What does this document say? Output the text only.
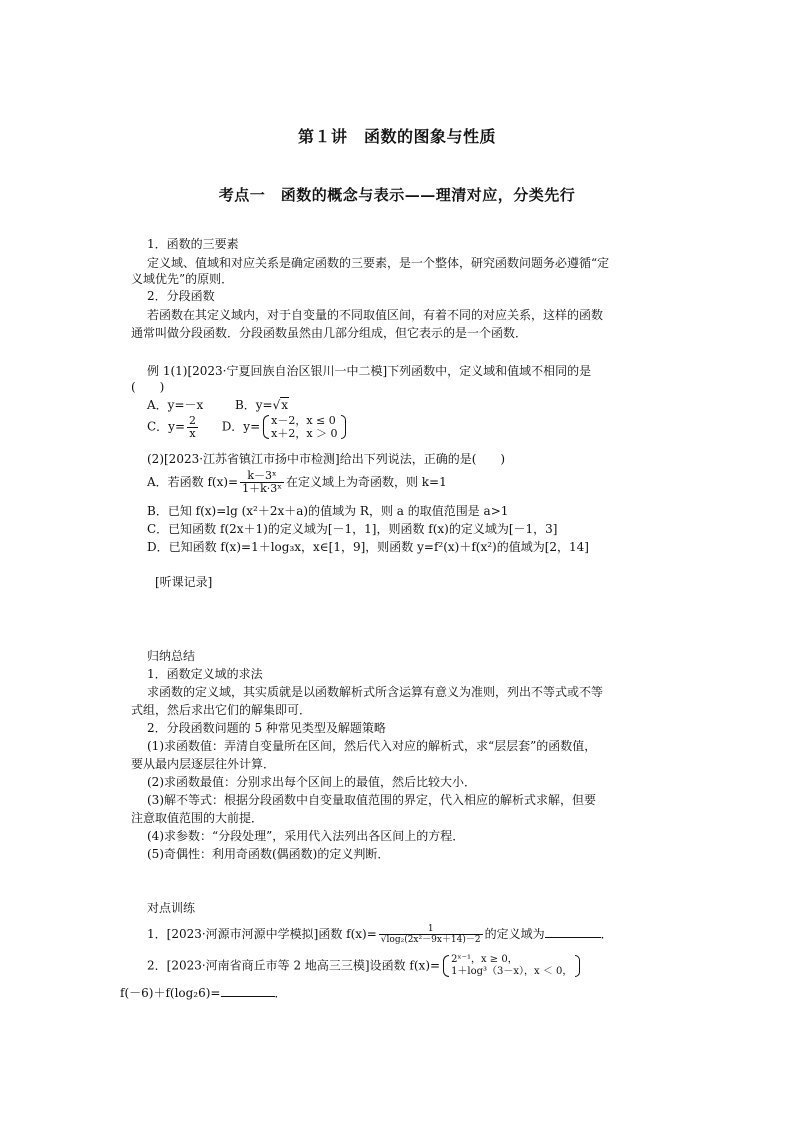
第１讲　函数的图象与性质
考点一　函数的概念与表示——理清对应，分类先行
1．函数的三要素
定义域、值域和对应关系是确定函数的三要素，是一个整体，研究函数问题务必遵循“定
义域优先”的原则．
2．分段函数
若函数在其定义域内，对于自变量的不同取值区间，有着不同的对应关系，这样的函数
通常叫做分段函数．分段函数虽然由几部分组成，但它表示的是一个函数．
例 1(1)[2023·宁夏回族自治区银川一中二模]下列函数中，定义域和值域不相同的是
(　　)
A．y=－x	B．y=√x
C．$y= \frac{2}{x}$ D．y= x－2，x ≤ 0
x＋2，x ＞ 0
(2)[2023·江苏省镇江市扬中市检测]给出下列说法，正确的是(　　)
A．若函数 $f(x)= \frac{\text{k－3ˣ}}{\text{1＋k·3ˣ}}$ 在定义域上为奇函数，则 k=1
B．已知 f(x)=lg (x²＋2x＋a)的值域为 R，则 a 的取值范围是 a>1
C．已知函数 f(2x＋1)的定义域为[－1，1]，则函数 f(x)的定义域为[－1，3]
D．已知函数 f(x)=1＋log₃x，x∈[1，9]，则函数 y=f²(x)＋f(x²)的值域为[2，14]
[听课记录]
归纳总结
1．函数定义域的求法
求函数的定义域，其实质就是以函数解析式所含运算有意义为准则，列出不等式或不等
式组，然后求出它们的解集即可．
2．分段函数问题的 5 种常见类型及解题策略
(1)求函数值：弄清自变量所在区间，然后代入对应的解析式，求“层层套”的函数值，
要从最内层逐层往外计算．
(2)求函数最值：分别求出每个区间上的最值，然后比较大小．
(3)解不等式：根据分段函数中自变量取值范围的界定，代入相应的解析式求解，但要
注意取值范围的大前提．
(4)求参数：“分段处理”，采用代入法列出各区间上的方程．
(5)奇偶性：利用奇函数(偶函数)的定义判断．
对点训练
1．[2023·河源市河源中学模拟]函数 $f(x)= \frac{1}{\text{√log₂(2x²－9x＋14)－2}}$ 的定义域为	．
2．[2023·河南省商丘市等 2 地高三三模]设函数 f(x)= 2ˣ⁻¹，x ≥ 0，
1＋log³（3－x），x ＜ 0，
f(－6)＋f(log₂6)=	．
